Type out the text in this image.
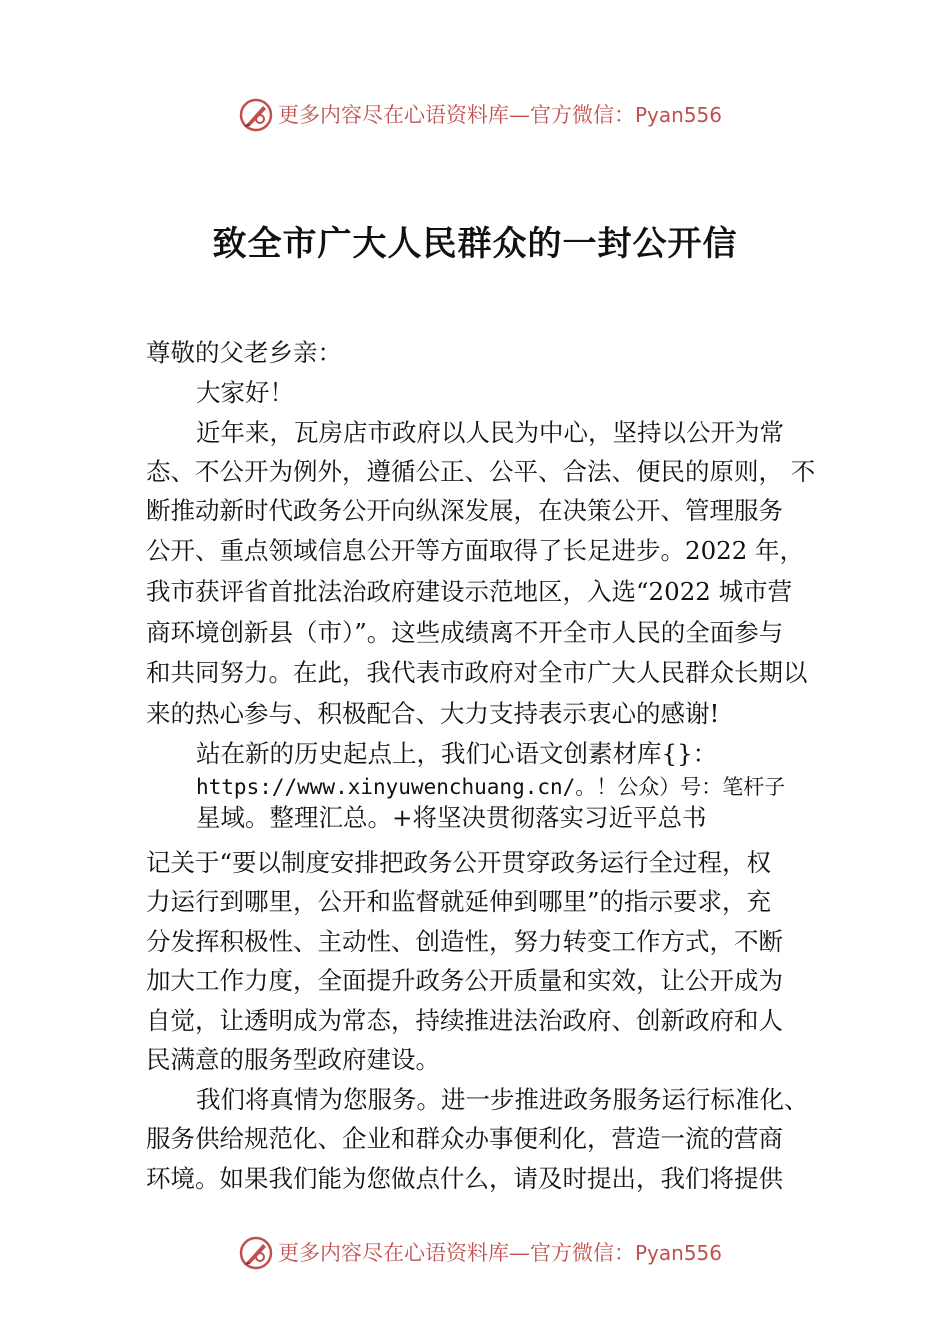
更多内容尽在心语资料库—官方微信：Pyan556
致全市广大人民群众的一封公开信
尊敬的父老乡亲：
大家好！
近年来，瓦房店市政府以人民为中心，坚持以公开为常
态、不公开为例外，遵循公正、公平、合法、便民的原则， 不
断推动新时代政务公开向纵深发展，在决策公开、管理服务
公开、重点领域信息公开等方面取得了长足进步。2022 年，
我市获评省首批法治政府建设示范地区，入选“2022 城市营
商环境创新县（市）”。这些成绩离不开全市人民的全面参与
和共同努力。在此，我代表市政府对全市广大人民群众长期以
来的热心参与、积极配合、大力支持表示衷心的感谢!
站在新的历史起点上，我们心语文创素材库{}：
https://www.xinyuwenchuang.cn/。！公众）号：笔杆子
星域。整理汇总。+将坚决贯彻落实习近平总书
记关于“要以制度安排把政务公开贯穿政务运行全过程，权
力运行到哪里，公开和监督就延伸到哪里”的指示要求，充
分发挥积极性、主动性、创造性，努力转变工作方式，不断
加大工作力度，全面提升政务公开质量和实效，让公开成为
自觉，让透明成为常态，持续推进法治政府、创新政府和人
民满意的服务型政府建设。
我们将真情为您服务。进一步推进政务服务运行标准化、
服务供给规范化、企业和群众办事便利化，营造一流的营商
环境。如果我们能为您做点什么，请及时提出，我们将提供
更多内容尽在心语资料库—官方微信：Pyan556
